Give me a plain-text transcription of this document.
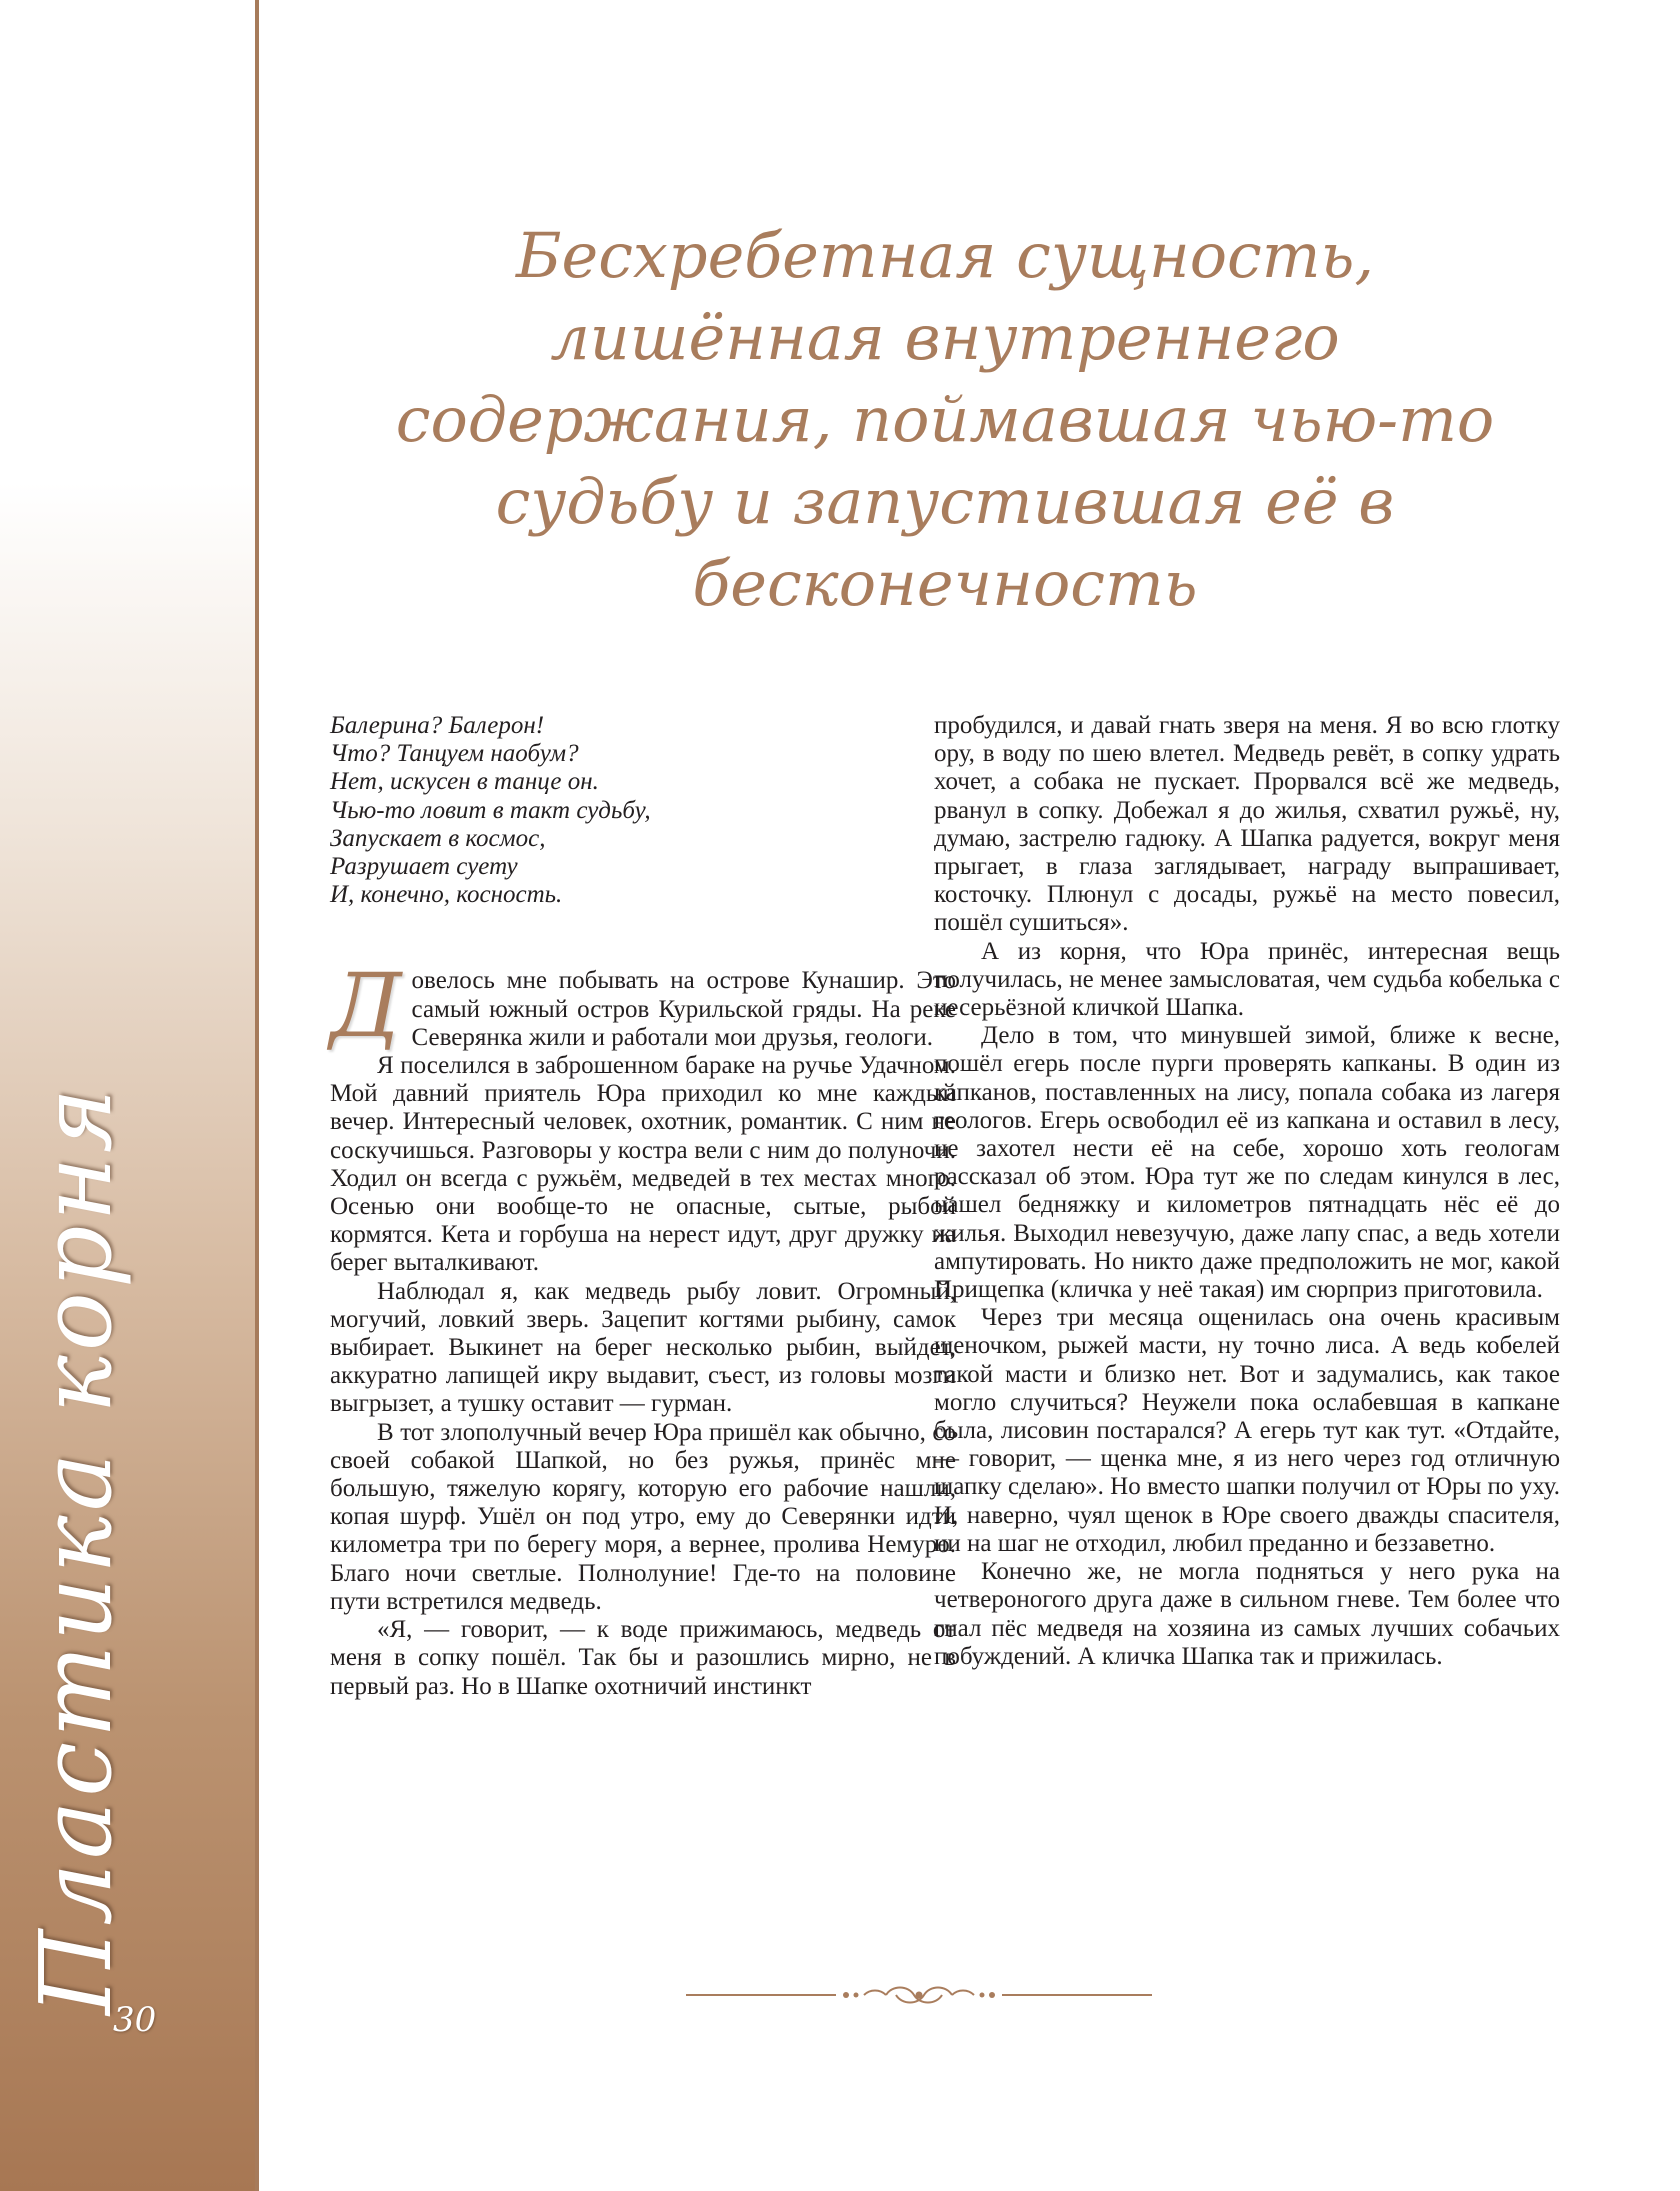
Пластика корня
30
Бесхребетная сущность, лишённая внутреннего содержания, поймавшая чью-то судьбу и запустившая её в бесконечность
Балерина? Балерон!
Что? Танцуем наобум?
Нет, искусен в танце он.
Чью-то ловит в такт судьбу,
Запускает в космос,
Разрушает суету
И, конечно, косность.

Довелось мне побывать на острове Кунашир. Это самый южный остров Курильской гряды. На реке Северянка жили и работали мои друзья, геологи.

Я поселился в заброшенном бараке на ручье Удачном. Мой давний приятель Юра приходил ко мне каждый вечер. Интересный человек, охотник, романтик. С ним не соскучишься. Разговоры у костра вели с ним до полуночи. Ходил он всегда с ружьём, медведей в тех местах много. Осенью они вообще-то не опасные, сытые, рыбой кормятся. Кета и горбуша на нерест идут, друг дружку на берег выталкивают.

Наблюдал я, как медведь рыбу ловит. Огромный, могучий, ловкий зверь. Зацепит когтями рыбину, самок выбирает. Выкинет на берег несколько рыбин, выйдет, аккуратно лапищей икру выдавит, съест, из головы мозги выгрызет, а тушку оставит — гурман.

В тот злополучный вечер Юра пришёл как обычно, со своей собакой Шапкой, но без ружья, принёс мне большую, тяжелую корягу, которую его рабочие нашли, копая шурф. Ушёл он под утро, ему до Северянки идти километра три по берегу моря, а вернее, пролива Немуро. Благо ночи светлые. Полнолуние! Где-то на половине пути встретился медведь.

«Я, — говорит, — к воде прижимаюсь, медведь от меня в сопку пошёл. Так бы и разошлись мирно, не в первый раз. Но в Шапке охотничий инстинкт

пробудился, и давай гнать зверя на меня. Я во всю глотку ору, в воду по шею влетел. Медведь ревёт, в сопку удрать хочет, а собака не пускает. Прорвался всё же медведь, рванул в сопку. Добежал я до жилья, схватил ружьё, ну, думаю, застрелю гадюку. А Шапка радуется, вокруг меня прыгает, в глаза заглядывает, награду выпрашивает, косточку. Плюнул с досады, ружьё на место повесил, пошёл сушиться».

А из корня, что Юра принёс, интересная вещь получилась, не менее замысловатая, чем судьба кобелька с несерьёзной кличкой Шапка.

Дело в том, что минувшей зимой, ближе к весне, пошёл егерь после пурги проверять капканы. В один из капканов, поставленных на лису, попала собака из лагеря геологов. Егерь освободил её из капкана и оставил в лесу, не захотел нести её на себе, хорошо хоть геологам рассказал об этом. Юра тут же по следам кинулся в лес, нашел бедняжку и километров пятнадцать нёс её до жилья. Выходил невезучую, даже лапу спас, а ведь хотели ампутировать. Но никто даже предположить не мог, какой Прищепка (кличка у неё такая) им сюрприз приготовила.

Через три месяца ощенилась она очень красивым щеночком, рыжей масти, ну точно лиса. А ведь кобелей такой масти и близко нет. Вот и задумались, как такое могло случиться? Неужели пока ослабевшая в капкане была, лисовин постарался? А егерь тут как тут. «Отдайте, — говорит, — щенка мне, я из него через год отличную шапку сделаю». Но вместо шапки получил от Юры по уху. И, наверно, чуял щенок в Юре своего дважды спасителя, ни на шаг не отходил, любил преданно и беззаветно.

Конечно же, не могла подняться у него рука на четвероногого друга даже в сильном гневе. Тем более что гнал пёс медведя на хозяина из самых лучших собачьих побуждений. А кличка Шапка так и прижилась.
